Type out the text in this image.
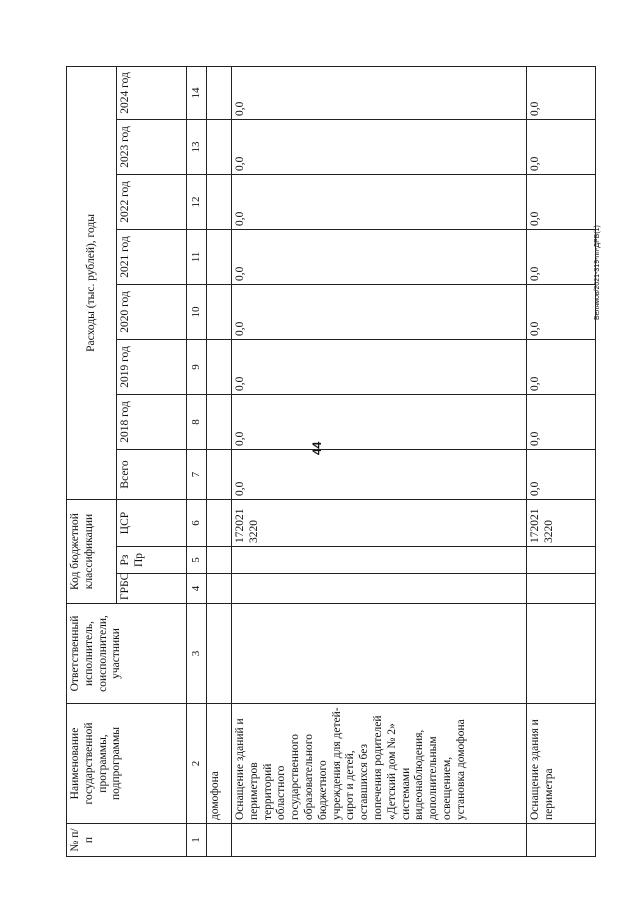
44
Белямов/2021-319-пп-ДРБ(1)
№ п/п	Наименование государственной программы, подпрограммы	Ответственный исполнитель, соисполнители, участники	Код бюджетной классификации			Расходы (тыс. рублей), годы							
			ГРБС	Рз Пр	ЦСР	Всего	2018 год	2019 год	2020 год	2021 год	2022 год	2023 год	2024 год
1	2	3	4	5	6	7	8	9	10	11	12	13	14
	домофона												
	Оснащение зданий и периметров территорий областного государственного образовательного бюджетного учреждения для детей-сирот и детей, оставшихся без попечения родителей «Детский дом № 2» системами видеонаблюдения, дополнительным освещением, установка домофона				172021 3220	0,0	0,0	0,0	0,0	0,0	0,0	0,0	0,0
	Оснащение здания и периметра				172021 3220	0,0	0,0	0,0	0,0	0,0	0,0	0,0	0,0
